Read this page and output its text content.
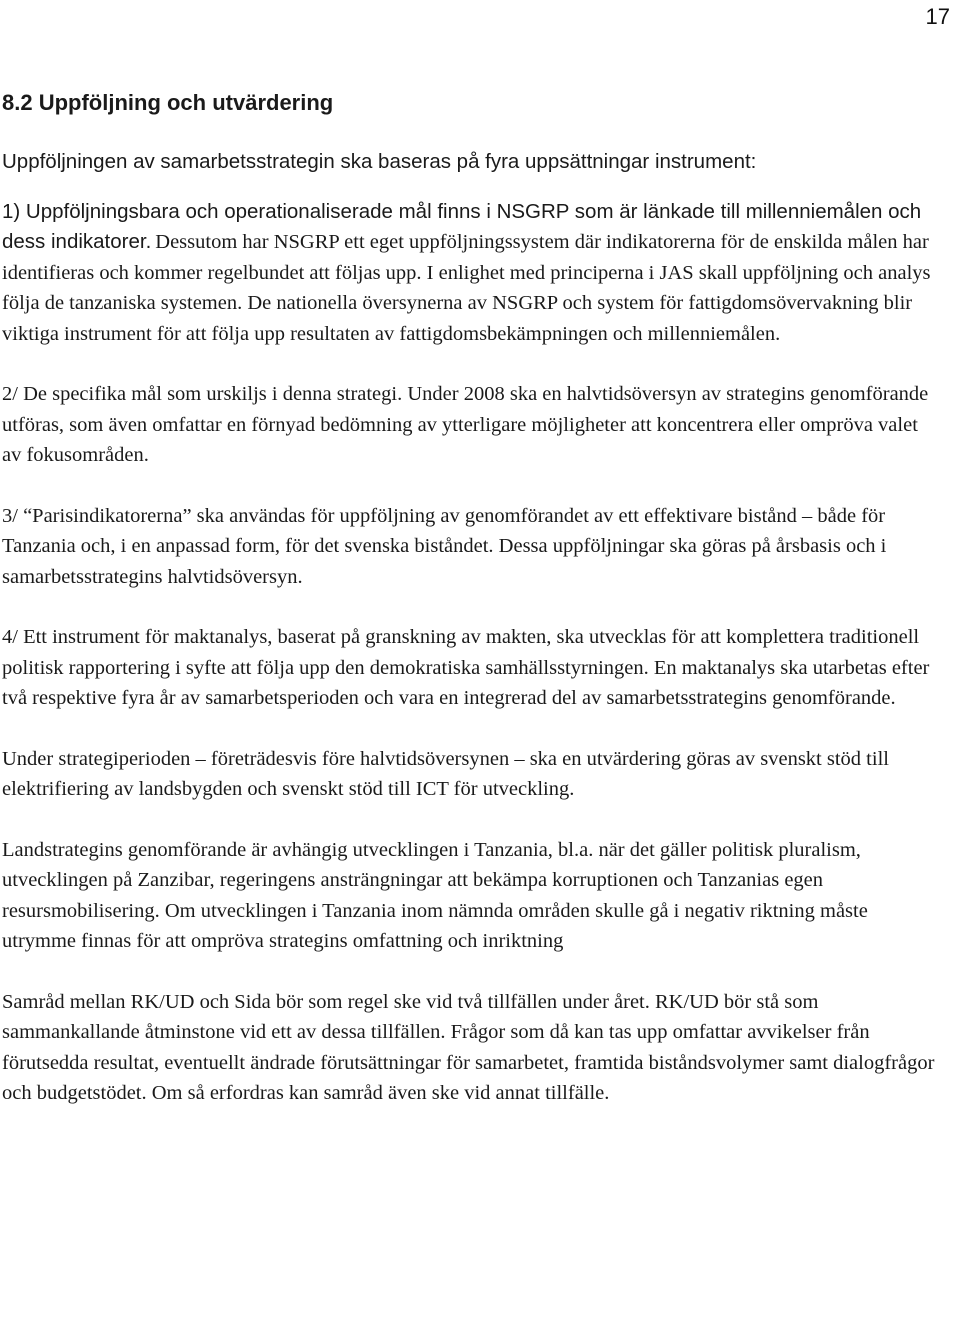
17
8.2 Uppföljning och utvärdering

Uppföljningen av samarbetsstrategin ska baseras på fyra uppsättningar instrument:

1) Uppföljningsbara och operationaliserade mål finns i NSGRP som är länkade till millenniemålen och dess indikatorer. Dessutom har NSGRP ett eget uppföljningssystem där indikatorerna för de enskilda målen har identifieras och kommer regelbundet att följas upp. I enlighet med principerna i JAS skall uppföljning och analys följa de tanzaniska systemen. De nationella översynerna av NSGRP och system för fattigdomsövervakning blir viktiga instrument för att följa upp resultaten av fattigdomsbekämpningen och millenniemålen.

2/ De specifika mål som urskiljs i denna strategi. Under 2008 ska en halvtidsöversyn av strategins genomförande utföras, som även omfattar en förnyad bedömning av ytterligare möjligheter att koncentrera eller ompröva valet av fokusområden.

3/ “Parisindikatorerna” ska användas för uppföljning av genomförandet av ett effektivare bistånd – både för Tanzania och, i en anpassad form, för det svenska biståndet. Dessa uppföljningar ska göras på årsbasis och i samarbetsstrategins halvtidsöversyn.

4/ Ett instrument för maktanalys, baserat på granskning av makten, ska utvecklas för att komplettera traditionell politisk rapportering i syfte att följa upp den demokratiska samhällsstyrningen. En maktanalys ska utarbetas efter två respektive fyra år av samarbetsperioden och vara en integrerad del av samarbetsstrategins genomförande.

Under strategiperioden – företrädesvis före halvtidsöversynen – ska en utvärdering göras av svenskt stöd till elektrifiering av landsbygden och svenskt stöd till ICT för utveckling.

Landstrategins genomförande är avhängig utvecklingen i Tanzania, bl.a. när det gäller politisk pluralism, utvecklingen på Zanzibar, regeringens ansträngningar att bekämpa korruptionen och Tanzanias egen resursmobilisering. Om utvecklingen i Tanzania inom nämnda områden skulle gå i negativ riktning måste utrymme finnas för att ompröva strategins omfattning och inriktning

Samråd mellan RK/UD och Sida bör som regel ske vid två tillfällen under året. RK/UD bör stå som sammankallande åtminstone vid ett av dessa tillfällen. Frågor som då kan tas upp omfattar avvikelser från förutsedda resultat, eventuellt ändrade förutsättningar för samarbetet, framtida biståndsvolymer samt dialogfrågor och budgetstödet. Om så erfordras kan samråd även ske vid annat tillfälle.
